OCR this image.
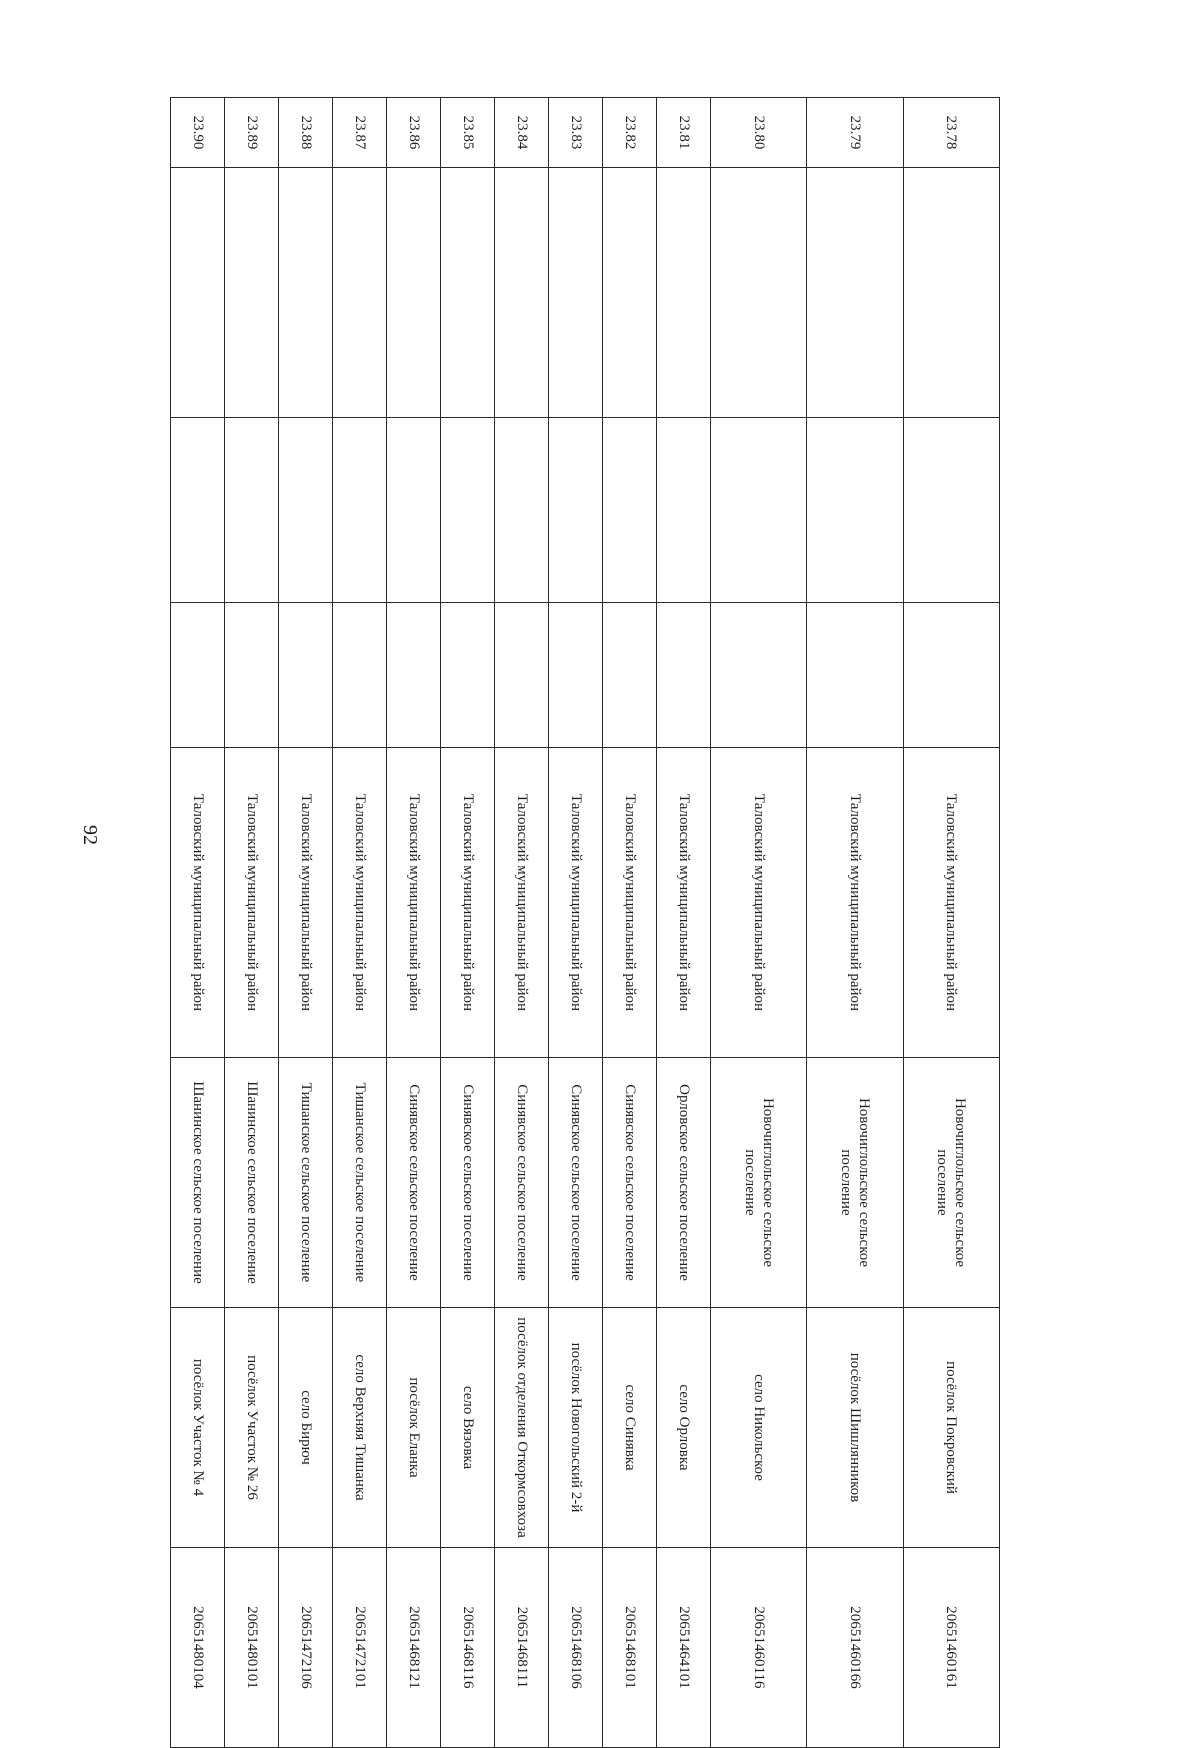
92
23.78				Таловский муниципальный район	Новочиглольское сельское поселение	посёлок Покровский	20651460161
23.79				Таловский муниципальный район	Новочиглольское сельское поселение	посёлок Шишлянников	20651460166
23.80				Таловский муниципальный район	Новочиглольское сельское поселение	село Никольское	20651460116
23.81				Таловский муниципальный район	Орловское сельское поселение	село Орловка	20651464101
23.82				Таловский муниципальный район	Синявское сельское поселение	село Синявка	20651468101
23.83				Таловский муниципальный район	Синявское сельское поселение	посёлок Новогольский 2-й	20651468106
23.84				Таловский муниципальный район	Синявское сельское поселение	посёлок отделения Откормсовхоза	20651468111
23.85				Таловский муниципальный район	Синявское сельское поселение	село Вязовка	20651468116
23.86				Таловский муниципальный район	Синявское сельское поселение	посёлок Еланка	20651468121
23.87				Таловский муниципальный район	Тишанское сельское поселение	село Верхняя Тишанка	20651472101
23.88				Таловский муниципальный район	Тишанское сельское поселение	село Бирюч	20651472106
23.89				Таловский муниципальный район	Шанинское сельское поселение	посёлок Участок № 26	20651480101
23.90				Таловский муниципальный район	Шанинское сельское поселение	посёлок Участок № 4	20651480104
